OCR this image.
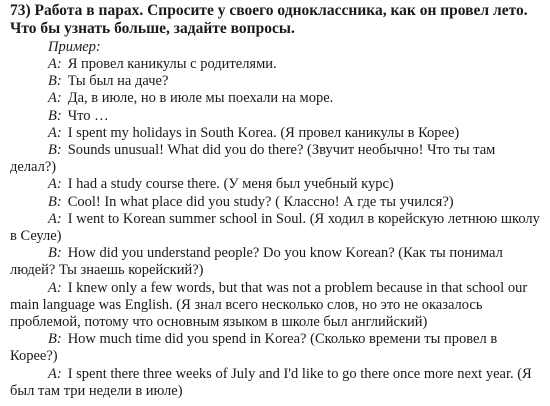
73) Работа в парах. Спросите у своего одноклассника, как он провел лето. Что бы узнать больше, задайте вопросы.

Пример:

A: Я провел каникулы с родителями.

B: Ты был на даче?

A: Да, в июле, но в июле мы поехали на море.

B: Что …

A: I spent my holidays in South Korea. (Я провел каникулы в Корее)

B: Sounds unusual! What did you do there? (Звучит необычно! Что ты там делал?)

A: I had a study course there. (У меня был учебный курс)

B: Cool! In what place did you study? ( Классно! А где ты учился?)

A: I went to Korean summer school in Soul. (Я ходил в корейскую летнюю школу в Сеуле)

B: How did you understand people? Do you know Korean? (Как ты понимал людей? Ты знаешь корейский?)

A: I knew only a few words, but that was not a problem because in that school our main language was English. (Я знал всего несколько слов, но это не оказалось проблемой, потому что основным языком в школе был английский)

B: How much time did you spend in Korea? (Сколько времени ты провел в Корее?)

A: I spent there three weeks of July and I'd like to go there once more next year. (Я был там три недели в июле)
